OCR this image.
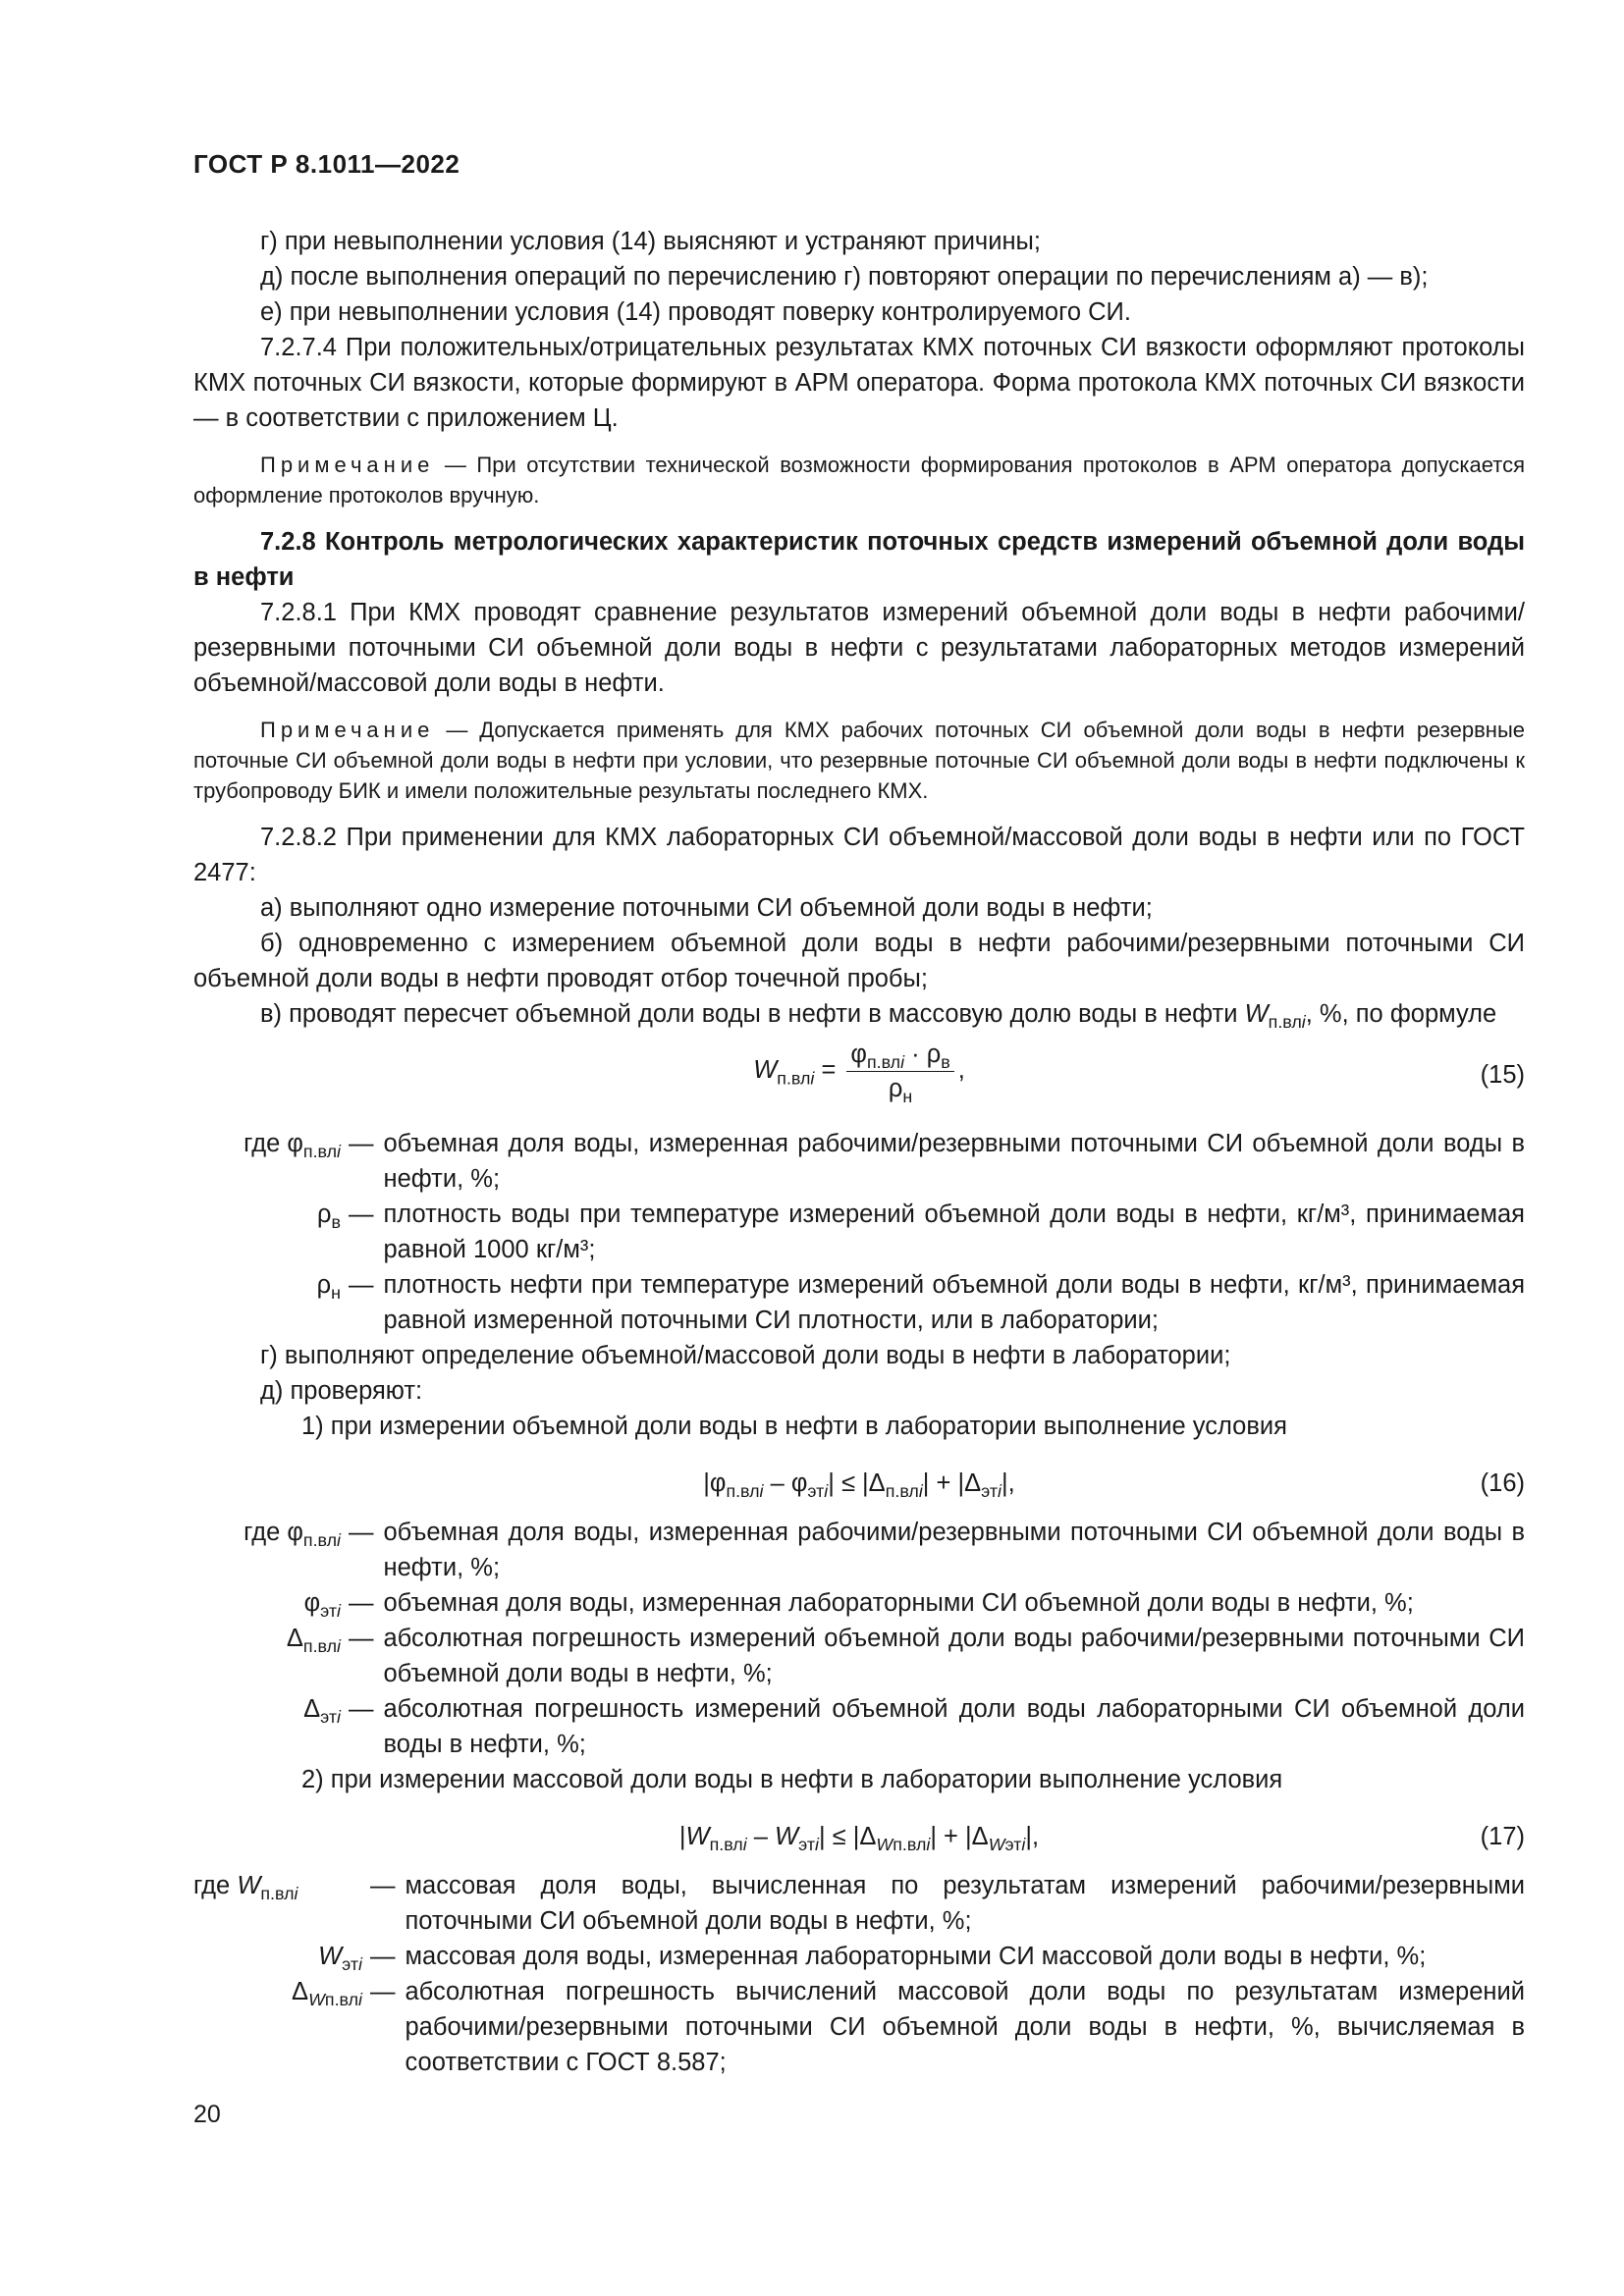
ГОСТ Р 8.1011—2022

г) при невыполнении условия (14) выясняют и устраняют причины;

д) после выполнения операций по перечислению г) повторяют операции по перечислениям а) — в);

е) при невыполнении условия (14) проводят поверку контролируемого СИ.

7.2.7.4 При положительных/отрицательных результатах КМХ поточных СИ вязкости оформляют протоколы КМХ поточных СИ вязкости, которые формируют в АРМ оператора. Форма протокола КМХ поточных СИ вязкости — в соответствии с приложением Ц.

Примечание — При отсутствии технической возможности формирования протоколов в АРМ оператора допускается оформление протоколов вручную.

7.2.8 Контроль метрологических характеристик поточных средств измерений объемной доли воды в нефти

7.2.8.1 При КМХ проводят сравнение результатов измерений объемной доли воды в нефти рабочими/резервными поточными СИ объемной доли воды в нефти с результатами лабораторных методов измерений объемной/массовой доли воды в нефти.

Примечание — Допускается применять для КМХ рабочих поточных СИ объемной доли воды в нефти резервные поточные СИ объемной доли воды в нефти при условии, что резервные поточные СИ объемной доли воды в нефти подключены к трубопроводу БИК и имели положительные результаты последнего КМХ.

7.2.8.2 При применении для КМХ лабораторных СИ объемной/массовой доли воды в нефти или по ГОСТ 2477:

а) выполняют одно измерение поточными СИ объемной доли воды в нефти;

б) одновременно с измерением объемной доли воды в нефти рабочими/резервными поточными СИ объемной доли воды в нефти проводят отбор точечной пробы;

в) проводят пересчет объемной доли воды в нефти в массовую долю воды в нефти $W_{п.влi}$, %, по формуле

$W_{п.влi} = \frac{\varphi_{п.влi} \cdot \rho_в}{\rho_н}$ ,	(15)
где $\varphi_{п.влi}$ — объемная доля воды, измеренная рабочими/резервными поточными СИ объемной доли воды в нефти, %;
$\rho_в$ — плотность воды при температуре измерений объемной доли воды в нефти, кг/м³, принимаемая равной 1000 кг/м³;
$\rho_н$ — плотность нефти при температуре измерений объемной доли воды в нефти, кг/м³, принимаемая равной измеренной поточными СИ плотности, или в лаборатории;

г) выполняют определение объемной/массовой доли воды в нефти в лаборатории;

д) проверяют:

1) при измерении объемной доли воды в нефти в лаборатории выполнение условия

$|\varphi_{п.влi} - \varphi_{этi}| \le |\Delta_{п.влi}| + |\Delta_{этi}|$,	(16)
где $\varphi_{п.влi}$ — объемная доля воды, измеренная рабочими/резервными поточными СИ объемной доли воды в нефти, %;
$\varphi_{этi}$ — объемная доля воды, измеренная лабораторными СИ объемной доли воды в нефти, %;
$\Delta_{п.влi}$ — абсолютная погрешность измерений объемной доли воды рабочими/резервными поточными СИ объемной доли воды в нефти, %;
$\Delta_{этi}$ — абсолютная погрешность измерений объемной доли воды лабораторными СИ объемной доли воды в нефти, %;

2) при измерении массовой доли воды в нефти в лаборатории выполнение условия

$|W_{п.влi} - W_{этi}| \le |\Delta_{Wп.влi}| + |\Delta_{Wэтi}|$,	(17)
где $W_{п.влi}$	— массовая доля воды, вычисленная по результатам измерений рабочими/резервными поточными СИ объемной доли воды в нефти, %;
$W_{этi}$ — массовая доля воды, измеренная лабораторными СИ массовой доли воды в нефти, %;
$\Delta_{Wп.влi}$ — абсолютная погрешность вычислений массовой доли воды по результатам измерений рабочими/резервными поточными СИ объемной доли воды в нефти, %, вычисляемая в соответствии с ГОСТ 8.587;
20
